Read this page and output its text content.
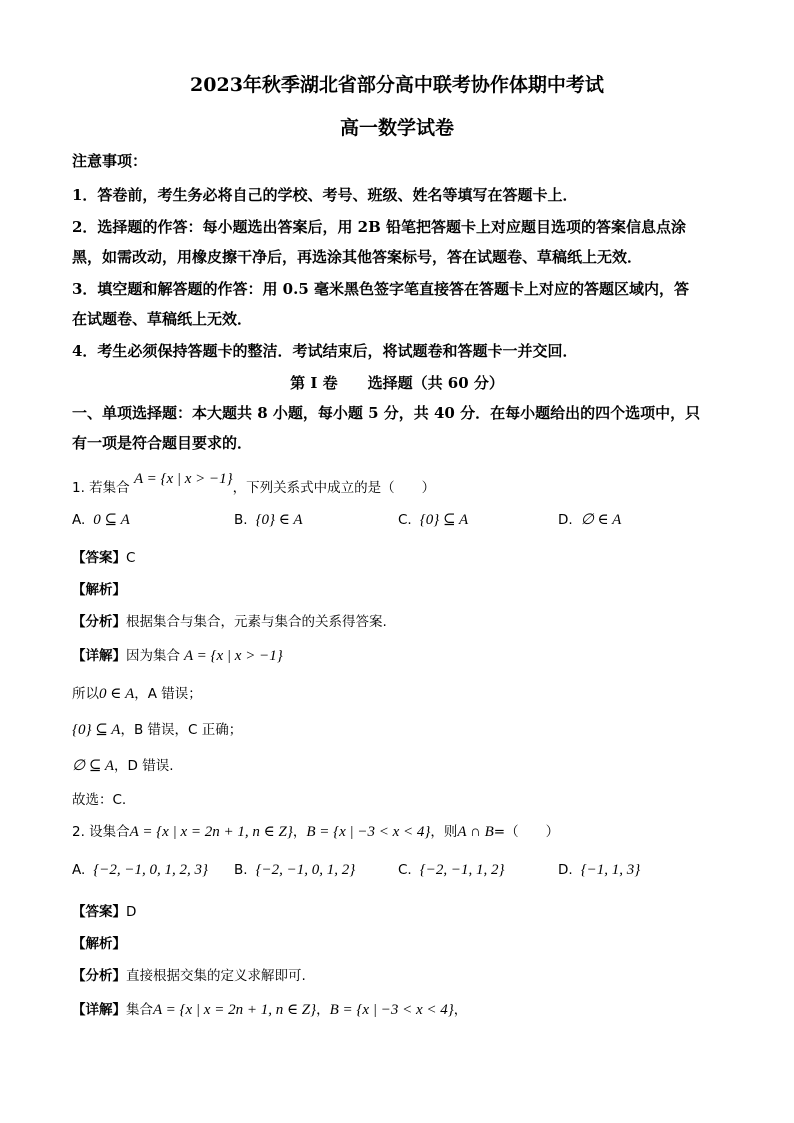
2023年秋季湖北省部分高中联考协作体期中考试
高一数学试卷
注意事项：
1．答卷前，考生务必将自己的学校、考号、班级、姓名等填写在答题卡上．
2．选择题的作答：每小题选出答案后，用 2B 铅笔把答题卡上对应题目选项的答案信息点涂
黑，如需改动，用橡皮擦干净后，再选涂其他答案标号，答在试题卷、草稿纸上无效．
3．填空题和解答题的作答：用 0.5 毫米黑色签字笔直接答在答题卡上对应的答题区域内，答
在试题卷、草稿纸上无效．
4．考生必须保持答题卡的整洁．考试结束后，将试题卷和答题卡一并交回．
第 I 卷　　选择题（共 60 分）
一、单项选择题：本大题共 8 小题，每小题 5 分，共 40 分．在每小题给出的四个选项中，只
有一项是符合题目要求的．
1. 若集合 A = {x | x > −1}，下列关系式中成立的是（　　）
A. 0 ⊆ A	B. {0} ∈ A	C. {0} ⊆ A	D. ∅ ∈ A
【答案】C
【解析】
【分析】根据集合与集合，元素与集合的关系得答案.
【详解】因为集合 A = {x | x > −1}
所以0 ∈ A，A 错误；
{0} ⊆ A，B 错误，C 正确；
∅ ⊆ A，D 错误.
故选：C.
2. 设集合A = {x | x = 2n + 1, n ∈ Z}，B = {x | −3 < x < 4}，则A ∩ B=（　　）
A. {−2, −1, 0, 1, 2, 3} B. {−2, −1, 0, 1, 2}	C. {−2, −1, 1, 2}	D. {−1, 1, 3}
【答案】D
【解析】
【分析】直接根据交集的定义求解即可.
【详解】集合A = {x | x = 2n + 1, n ∈ Z}，B = {x | −3 < x < 4}，
